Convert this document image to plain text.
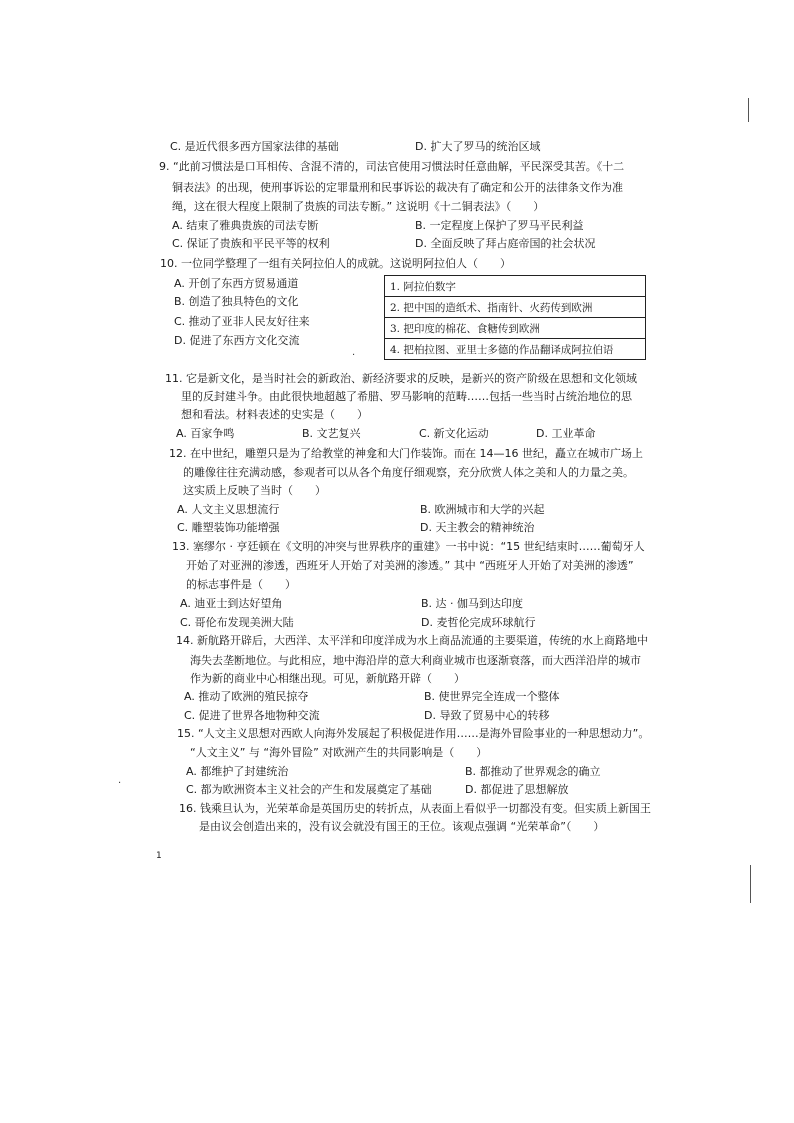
C. 是近代很多西方国家法律的基础	D. 扩大了罗马的统治区域
9. “此前习惯法是口耳相传、含混不清的，司法官使用习惯法时任意曲解，平民深受其苦。《十二
铜表法》的出现，使刑事诉讼的定罪量刑和民事诉讼的裁决有了确定和公开的法律条文作为准
绳，这在很大程度上限制了贵族的司法专断。” 这说明《十二铜表法》（　　）
A. 结束了雅典贵族的司法专断	B. 一定程度上保护了罗马平民利益
C. 保证了贵族和平民平等的权利	D. 全面反映了拜占庭帝国的社会状况
10. 一位同学整理了一组有关阿拉伯人的成就。这说明阿拉伯人（　　）
A. 开创了东西方贸易通道
B. 创造了独具特色的文化
C. 推动了亚非人民友好往来
D. 促进了东西方文化交流
1. 阿拉伯数字
2. 把中国的造纸术、指南针、火药传到欧洲
3. 把印度的棉花、食糖传到欧洲
4. 把柏拉图、亚里士多德的作品翻译成阿拉伯语
11. 它是新文化，是当时社会的新政治、新经济要求的反映，是新兴的资产阶级在思想和文化领域
里的反封建斗争。由此很快地超越了希腊、罗马影响的范畴……包括一些当时占统治地位的思
想和看法。材料表述的史实是（　　）
A. 百家争鸣	B. 文艺复兴	C. 新文化运动	D. 工业革命
12. 在中世纪，雕塑只是为了给教堂的神龛和大门作装饰。而在 14—16 世纪，矗立在城市广场上
的雕像往往充满动感，参观者可以从各个角度仔细观察，充分欣赏人体之美和人的力量之美。
这实质上反映了当时（　　）
A. 人文主义思想流行	B. 欧洲城市和大学的兴起
C. 雕塑装饰功能增强	D. 天主教会的精神统治
13. 塞缪尔 · 亨廷顿在《文明的冲突与世界秩序的重建》一书中说：“15 世纪结束时……葡萄牙人
开始了对亚洲的渗透，西班牙人开始了对美洲的渗透。” 其中 “西班牙人开始了对美洲的渗透”
的标志事件是（　　）
A. 迪亚士到达好望角	B. 达 · 伽马到达印度
C. 哥伦布发现美洲大陆	D. 麦哲伦完成环球航行
14. 新航路开辟后，大西洋、太平洋和印度洋成为水上商品流通的主要渠道，传统的水上商路地中
海失去垄断地位。与此相应，地中海沿岸的意大利商业城市也逐渐衰落，而大西洋沿岸的城市
作为新的商业中心相继出现。可见，新航路开辟（　　）
A. 推动了欧洲的殖民掠夺	B. 使世界完全连成一个整体
C. 促进了世界各地物种交流	D. 导致了贸易中心的转移
15. “人文主义思想对西欧人向海外发展起了积极促进作用……是海外冒险事业的一种思想动力”。
“人文主义” 与 “海外冒险” 对欧洲产生的共同影响是（　　）
A. 都维护了封建统治	B. 都推动了世界观念的确立
C. 都为欧洲资本主义社会的产生和发展奠定了基础	D. 都促进了思想解放
16. 钱乘旦认为，光荣革命是英国历史的转折点，从表面上看似乎一切都没有变。但实质上新国王
是由议会创造出来的，没有议会就没有国王的王位。该观点强调 “光荣革命”（　　）
1
·
·
